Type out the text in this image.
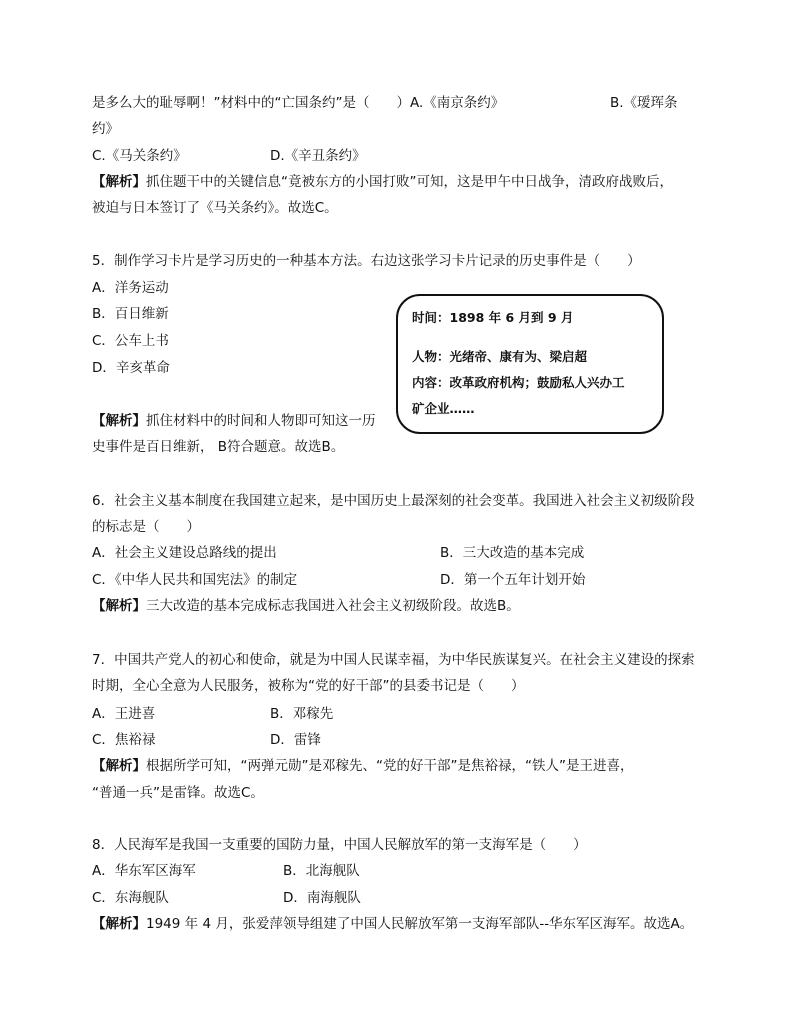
是多么大的耻辱啊！”材料中的“亡国条约”是（　　）A.《南京条约》	B.《瑷珲条
约》
C.《马关条约》	D.《辛丑条约》
【解析】抓住题干中的关键信息“竟被东方的小国打败”可知，这是甲午中日战争，清政府战败后，
被迫与日本签订了《马关条约》。故选C。
5．制作学习卡片是学习历史的一种基本方法。右边这张学习卡片记录的历史事件是（　　）
A．洋务运动
B．百日维新
C．公车上书
D．辛亥革命
【解析】抓住材料中的时间和人物即可知这一历
史事件是百日维新， B符合题意。故选B。
时间：1898 年 6 月到 9 月
人物：光绪帝、康有为、梁启超
内容：改革政府机构；鼓励私人兴办工
矿企业……
6．社会主义基本制度在我国建立起来，是中国历史上最深刻的社会变革。我国进入社会主义初级阶段
的标志是（　　）
A．社会主义建设总路线的提出	B．三大改造的基本完成
C．《中华人民共和国宪法》的制定	D．第一个五年计划开始
【解析】三大改造的基本完成标志我国进入社会主义初级阶段。故选B。
7．中国共产党人的初心和使命，就是为中国人民谋幸福，为中华民族谋复兴。在社会主义建设的探索
时期，全心全意为人民服务，被称为“党的好干部”的县委书记是（　　）
A．王进喜	B．邓稼先
C．焦裕禄	D．雷锋
【解析】根据所学可知，“两弹元勋”是邓稼先、“党的好干部”是焦裕禄，“铁人”是王进喜，
“普通一兵”是雷锋。故选C。
8．人民海军是我国一支重要的国防力量，中国人民解放军的第一支海军是（　　）
A．华东军区海军	B．北海舰队
C．东海舰队	D．南海舰队
【解析】1949 年 4 月，张爱萍领导组建了中国人民解放军第一支海军部队--华东军区海军。故选A。
